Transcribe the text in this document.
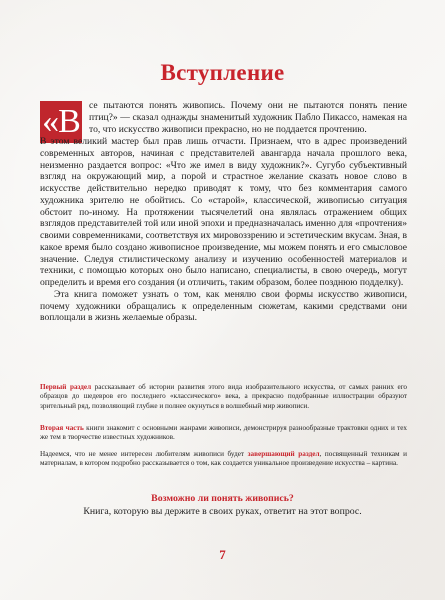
Вступление
«В се пытаются понять живопись. Почему они не пытаются понять пение птиц?» — сказал однажды знаменитый художник Пабло Пикассо, намекая на то, что искусство живописи прекрасно, но не поддается прочтению.

В этом великий мастер был прав лишь отчасти. Признаем, что в адрес произведений современных авторов, начиная с представителей авангарда начала прошлого века, неизменно раздается вопрос: «Что же имел в виду художник?». Сугубо субъективный взгляд на окружающий мир, а порой и страстное желание сказать новое слово в искусстве действительно нередко приводят к тому, что без комментария самого художника зрителю не обойтись. Со «старой», классической, живописью ситуация обстоит по-иному. На протяжении тысячелетий она являлась отражением общих взглядов представителей той или иной эпохи и предназначалась именно для «прочтения» своими современниками, соответствуя их мировоззрению и эстетическим вкусам. Зная, в какое время было создано живописное произведение, мы можем понять и его смысловое значение. Следуя стилистическому анализу и изучению особенностей материалов и техники, с помощью которых оно было написано, специалисты, в свою очередь, могут определить и время его создания (и отличить, таким образом, более позднюю подделку).

Эта книга поможет узнать о том, как менялю свои формы искусство живописи, почему художники обращались к определенным сюжетам, какими средствами они воплощали в жизнь желаемые образы.

Первый раздел рассказывает об истории развития этого вида изобразительного искусства, от самых ранних его образцов до шедевров его последнего «классического» века, а прекрасно подобранные иллюстрации образуют зрительный ряд, позволяющий глубже и полнее окунуться в волшебный мир живописи.
Вторая часть книги знакомит с основными жанрами живописи, демонстрируя разнообразные трактовки одних и тех же тем в творчестве известных художников.
Надеемся, что не менее интересен любителям живописи будет завершающий раздел, посвященный техникам и материалам, в котором подробно рассказывается о том, как создается уникальное произведение искусства – картина.
Возможно ли понять живопись?
Книга, которую вы держите в своих руках, ответит на этот вопрос.
7
